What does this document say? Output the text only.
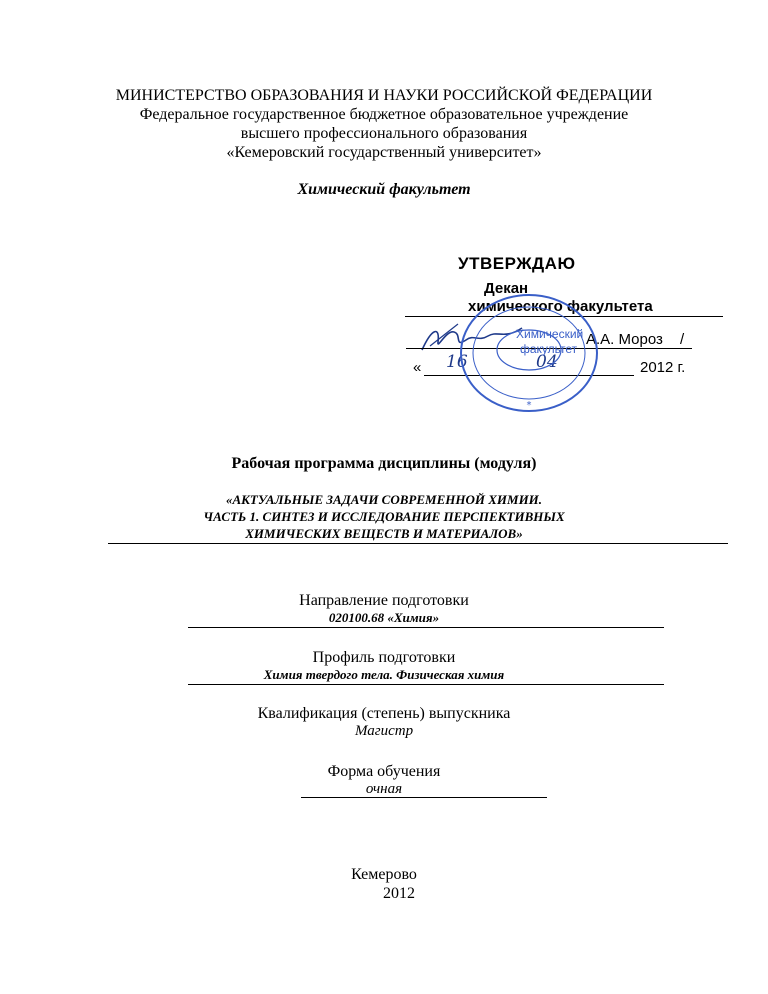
МИНИСТЕРСТВО ОБРАЗОВАНИЯ И НАУКИ РОССИЙСКОЙ ФЕДЕРАЦИИ
Федеральное государственное бюджетное образовательное учреждение
высшего профессионального образования
«Кемеровский государственный университет»
Химический факультет
УТВЕРЖДАЮ
Декан
химического факультета
А.А. Мороз /
« 16	04	2012 г.
*
Химический
факультет
Рабочая программа дисциплины (модуля)
«АКТУАЛЬНЫЕ ЗАДАЧИ СОВРЕМЕННОЙ ХИМИИ.
ЧАСТЬ 1. СИНТЕЗ И ИССЛЕДОВАНИЕ ПЕРСПЕКТИВНЫХ
ХИМИЧЕСКИХ ВЕЩЕСТВ И МАТЕРИАЛОВ»
Направление подготовки
020100.68 «Химия»
Профиль подготовки
Химия твердого тела. Физическая химия
Квалификация (степень) выпускника
Магистр
Форма обучения
очная
Кемерово
2012
